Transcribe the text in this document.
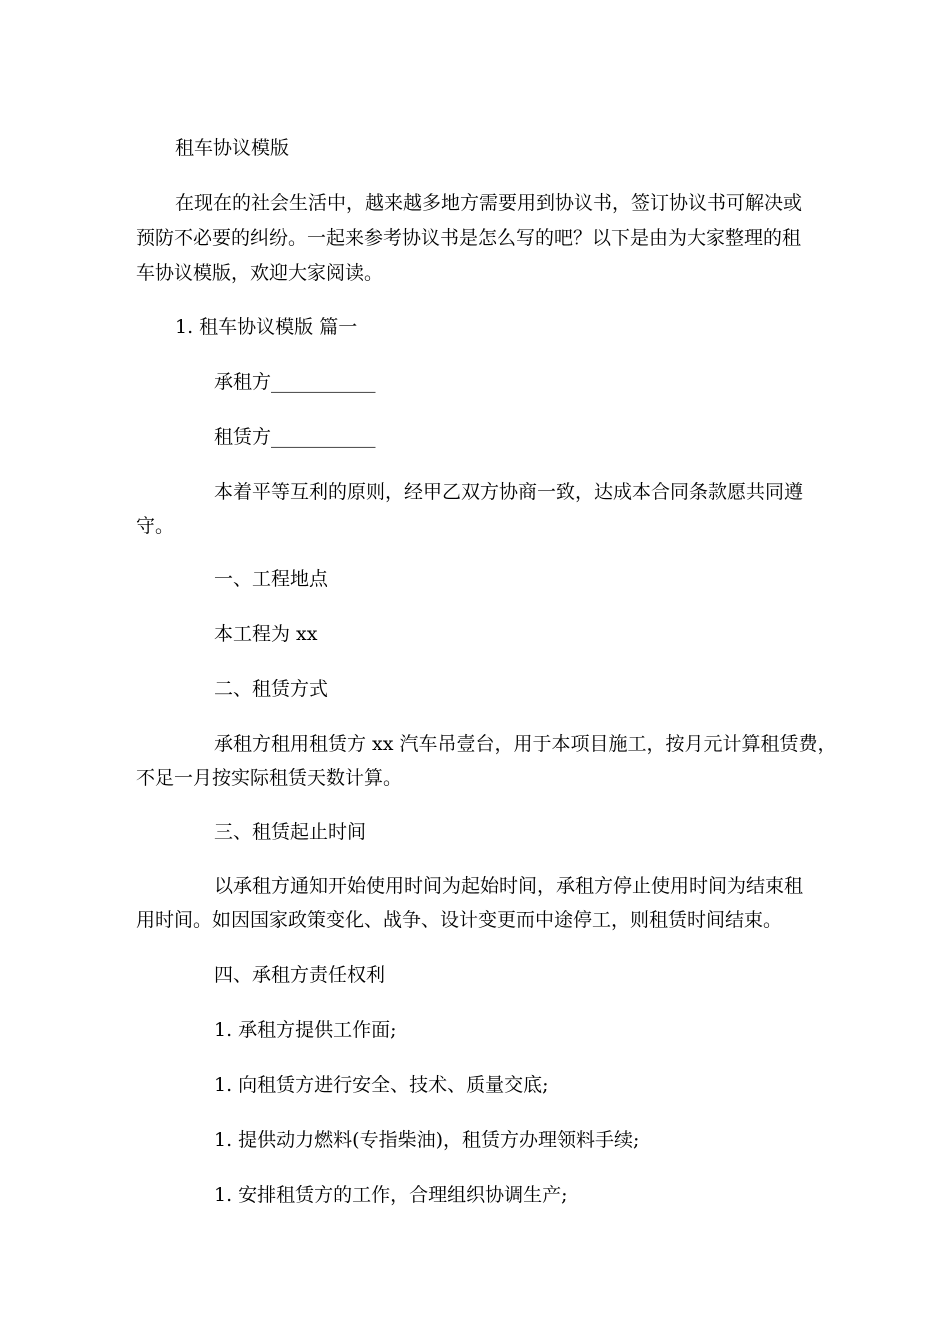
租车协议模版
在现在的社会生活中，越来越多地方需要用到协议书，签订协议书可解决或
预防不必要的纠纷。一起来参考协议书是怎么写的吧？以下是由为大家整理的租
车协议模版，欢迎大家阅读。
1. 租车协议模版 篇一
承租方___________
租赁方___________
本着平等互利的原则，经甲乙双方协商一致，达成本合同条款愿共同遵
守。
一、工程地点
本工程为 xx
二、租赁方式
承租方租用租赁方 xx 汽车吊壹台，用于本项目施工，按月元计算租赁费，
不足一月按实际租赁天数计算。
三、租赁起止时间
以承租方通知开始使用时间为起始时间，承租方停止使用时间为结束租
用时间。如因国家政策变化、战争、设计变更而中途停工，则租赁时间结束。
四、承租方责任权利
1. 承租方提供工作面;
1. 向租赁方进行安全、技术、质量交底;
1. 提供动力燃料(专指柴油)，租赁方办理领料手续;
1. 安排租赁方的工作，合理组织协调生产;
